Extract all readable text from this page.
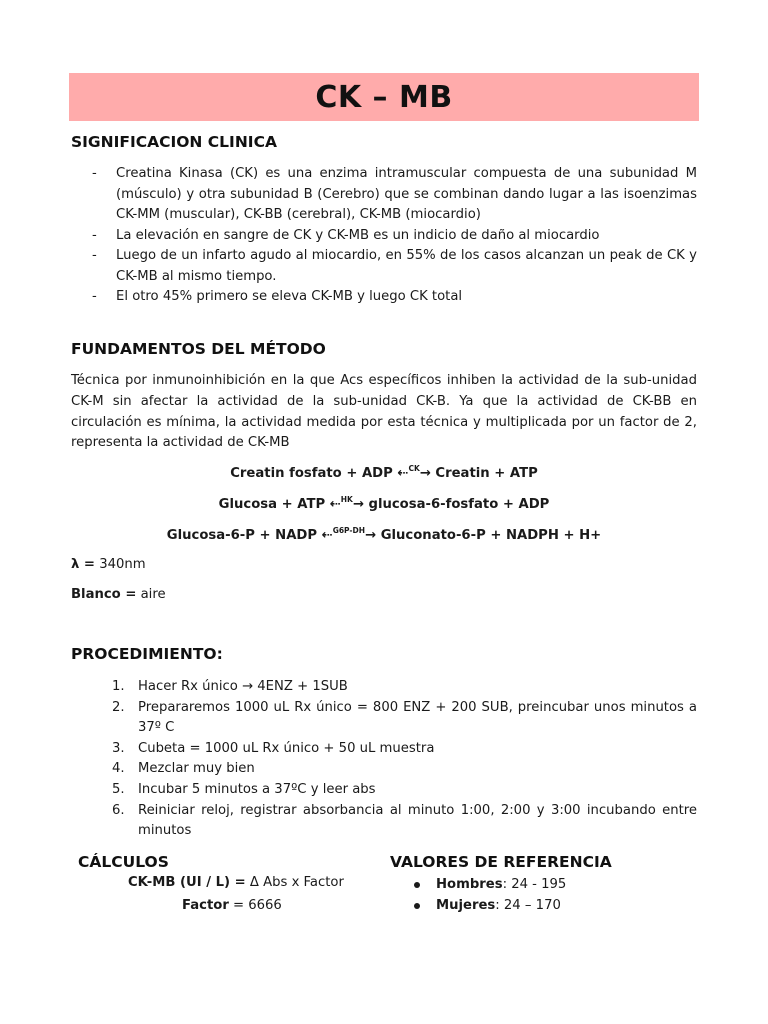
CK – MB
SIGNIFICACION CLINICA
- Creatina Kinasa (CK) es una enzima intramuscular compuesta de una subunidad M (músculo) y otra subunidad B (Cerebro) que se combinan dando lugar a las isoenzimas CK-MM (muscular), CK-BB (cerebral), CK-MB (miocardio)
- La elevación en sangre de CK y CK-MB es un indicio de daño al miocardio
- Luego de un infarto agudo al miocardio, en 55% de los casos alcanzan un peak de CK y CK-MB al mismo tiempo.
- El otro 45% primero se eleva CK-MB y luego CK total
FUNDAMENTOS DEL MÉTODO

Técnica por inmunoinhibición en la que Acs específicos inhiben la actividad de la sub-unidad CK-M sin afectar la actividad de la sub-unidad CK-B. Ya que la actividad de CK-BB en circulación es mínima, la actividad medida por esta técnica y multiplicada por un factor de 2, representa la actividad de CK-MB

Creatin fosfato + ADP ⇠$^{CK}$→ Creatin + ATP

Glucosa + ATP ⇠$^{HK}$→ glucosa-6-fosfato + ADP

Glucosa-6-P + NADP ⇠$^{G6P-DH}$→ Gluconato-6-P + NADPH + H+

λ = 340nm

Blanco = aire

PROCEDIMIENTO:
1. Hacer Rx único → 4ENZ + 1SUB
2. Prepararemos 1000 uL Rx único = 800 ENZ + 200 SUB, preincubar unos minutos a 37º C
3. Cubeta = 1000 uL Rx único + 50 uL muestra
4. Mezclar muy bien
5. Incubar 5 minutos a 37ºC y leer abs
6. Reiniciar reloj, registrar absorbancia al minuto 1:00, 2:00 y 3:00 incubando entre minutos
CÁLCULOS

CK-MB (UI / L) = Δ Abs x Factor

Factor = 6666

VALORES DE REFERENCIA
Hombres: 24 - 195
Mujeres: 24 – 170
